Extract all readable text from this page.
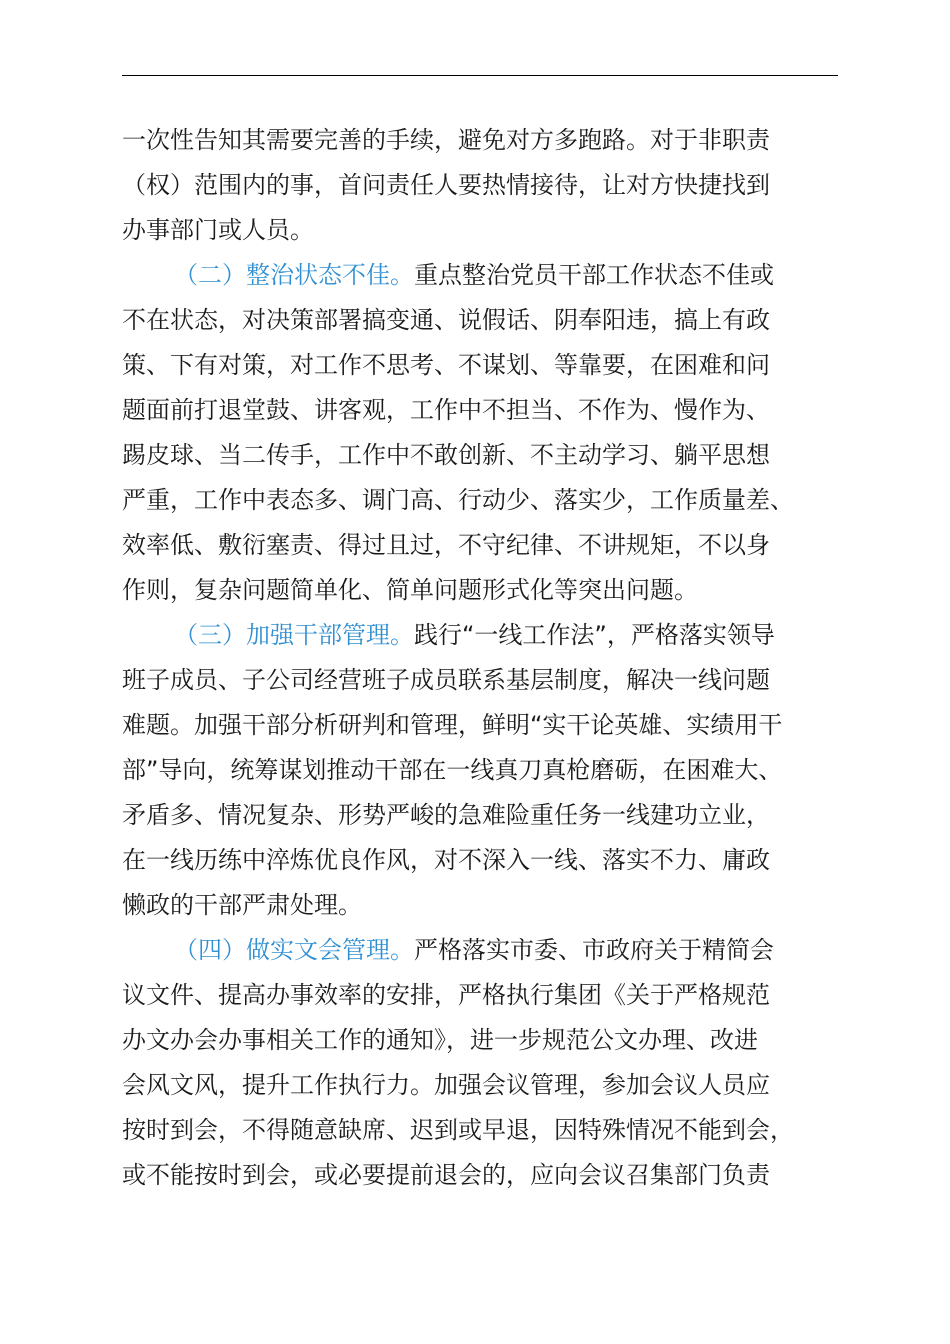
一次性告知其需要完善的手续，避免对方多跑路。对于非职责
（权）范围内的事，首问责任人要热情接待，让对方快捷找到
办事部门或人员。
（二）整治状态不佳。重点整治党员干部工作状态不佳或
不在状态，对决策部署搞变通、说假话、阴奉阳违，搞上有政
策、下有对策，对工作不思考、不谋划、等靠要，在困难和问
题面前打退堂鼓、讲客观，工作中不担当、不作为、慢作为、
踢皮球、当二传手，工作中不敢创新、不主动学习、躺平思想
严重，工作中表态多、调门高、行动少、落实少，工作质量差、
效率低、敷衍塞责、得过且过，不守纪律、不讲规矩，不以身
作则，复杂问题简单化、简单问题形式化等突出问题。
（三）加强干部管理。践行“一线工作法”，严格落实领导
班子成员、子公司经营班子成员联系基层制度，解决一线问题
难题。加强干部分析研判和管理，鲜明“实干论英雄、实绩用干
部”导向，统筹谋划推动干部在一线真刀真枪磨砺，在困难大、
矛盾多、情况复杂、形势严峻的急难险重任务一线建功立业，
在一线历练中淬炼优良作风，对不深入一线、落实不力、庸政
懒政的干部严肃处理。
（四）做实文会管理。严格落实市委、市政府关于精简会
议文件、提高办事效率的安排，严格执行集团《关于严格规范
办文办会办事相关工作的通知》，进一步规范公文办理、改进
会风文风，提升工作执行力。加强会议管理，参加会议人员应
按时到会，不得随意缺席、迟到或早退，因特殊情况不能到会，
或不能按时到会，或必要提前退会的，应向会议召集部门负责
